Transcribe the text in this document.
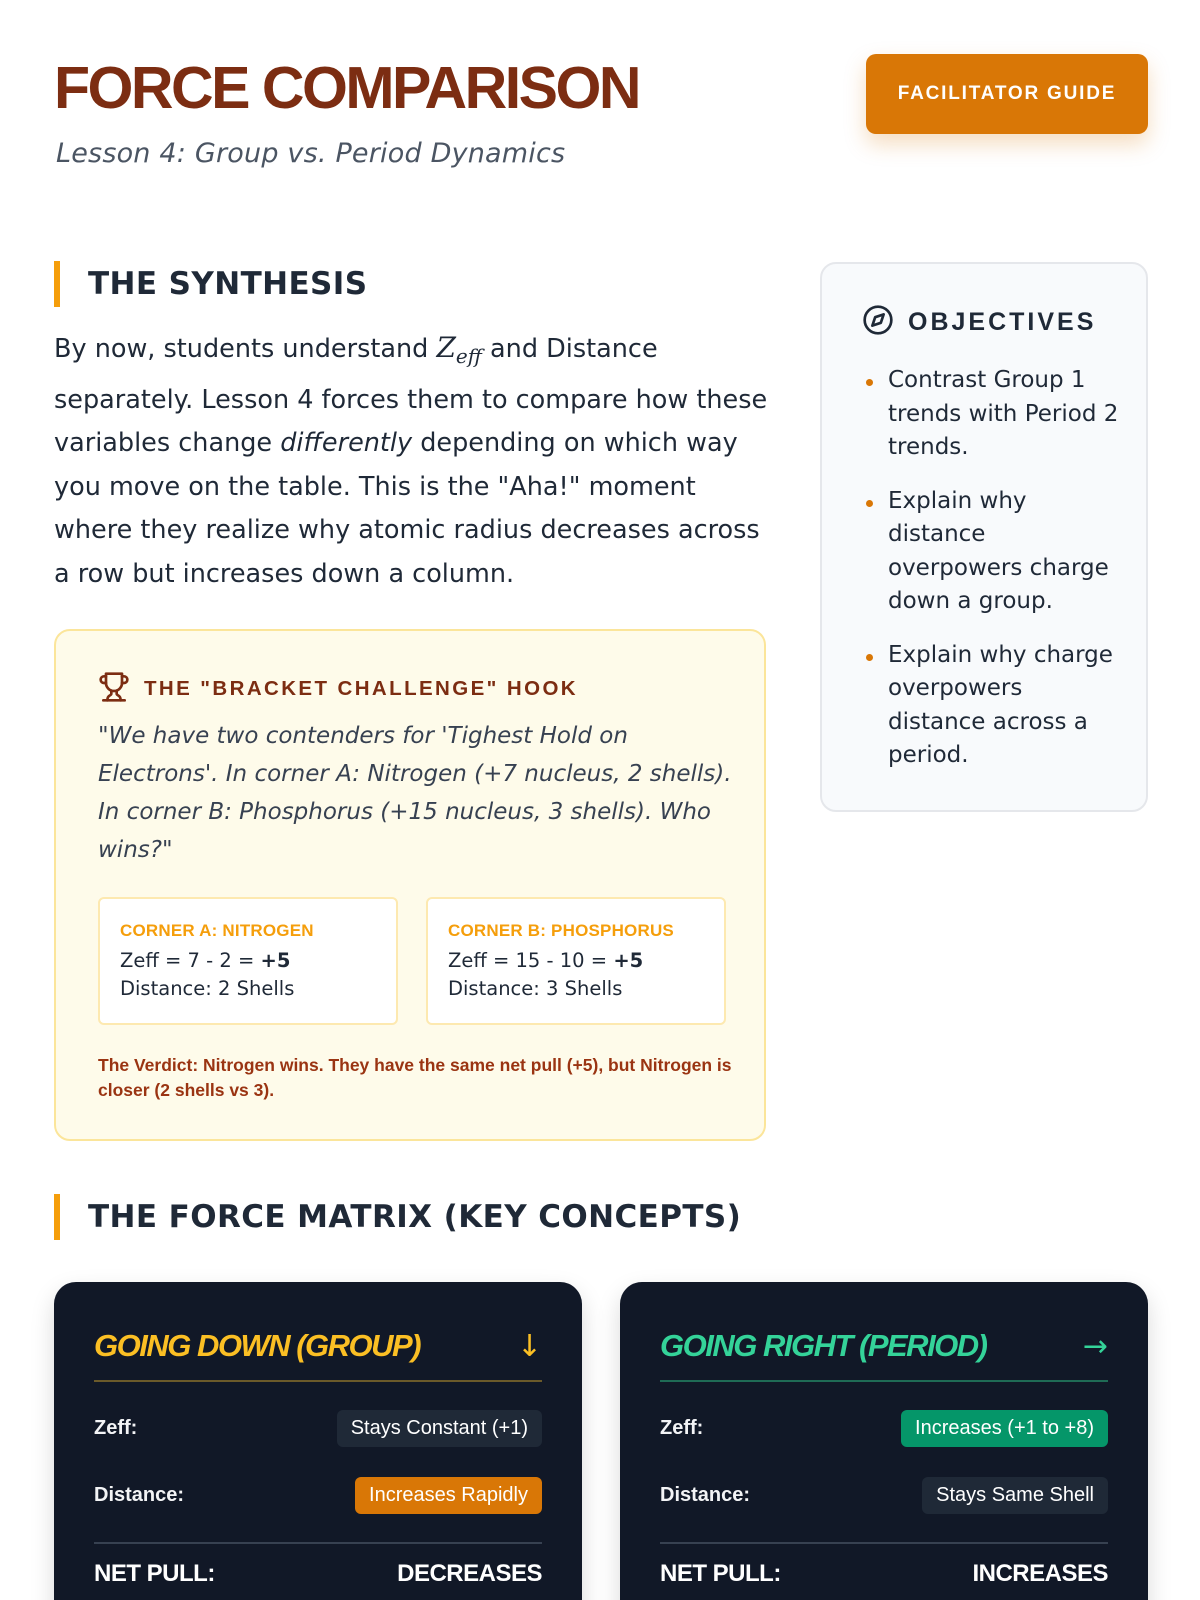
FORCE COMPARISON
Lesson 4: Group vs. Period Dynamics
FACILITATOR GUIDE
THE SYNTHESIS

By now, students understand $Z_{eff}$ and Distance separately. Lesson 4 forces them to compare how these variables change differently depending on which way you move on the table. This is the "Aha!" moment where they realize why atomic radius decreases across a row but increases down a column.

THE "BRACKET CHALLENGE" HOOK

"We have two contenders for 'Tighest Hold on Electrons'. In corner A: Nitrogen (+7 nucleus, 2 shells). In corner B: Phosphorus (+15 nucleus, 3 shells). Who wins?"

CORNER A: NITROGEN
Zeff = 7 - 2 = +5
Distance: 2 Shells
CORNER B: PHOSPHORUS
Zeff = 15 - 10 = +5
Distance: 3 Shells

The Verdict: Nitrogen wins. They have the same net pull (+5), but Nitrogen is closer (2 shells vs 3).

OBJECTIVES
Contrast Group 1 trends with Period 2 trends.
Explain why distance overpowers charge down a group.
Explain why charge overpowers distance across a period.
THE FORCE MATRIX (KEY CONCEPTS)
GOING DOWN (GROUP)	↓
Zeff:	Stays Constant (+1)
Distance:	Increases Rapidly
NET PULL:	DECREASES
GOING RIGHT (PERIOD)	→
Zeff:	Increases (+1 to +8)
Distance:	Stays Same Shell
NET PULL:	INCREASES
